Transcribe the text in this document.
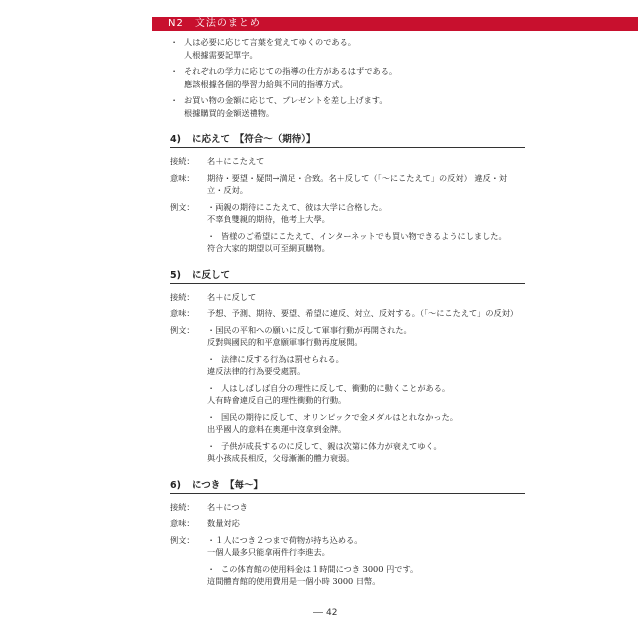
N2　文法のまとめ
・ 人は必要に応じて言葉を覚えてゆくのである。
人根據需要記單字。
・ それぞれの学力に応じての指導の仕方があるはずである。
應該根據各個的學習力給與不同的指導方式。
・ お買い物の金額に応じて、プレゼントを差し上げます。
根據購買的金額送禮物。
4) に応えて　【符合～（期待）】
接続： 名＋にこたえて
意味： 期待・要望・疑問→満足・合致。名＋反して（「～にこたえて」の反対） 違反・対
立・反対。
例文： ・両親の期待にこたえて、彼は大学に合格した。
不辜負雙親的期待，他考上大學。
・ 皆様のご希望にこたえて、インターネットでも買い物できるようにしました。
符合大家的期望以可至網頁購物。
5) に反して
接続： 名＋に反して
意味： 予想、予測、期待、要望、希望に違反、対立、反対する。（「～にこたえて」の反対）
例文： ・国民の平和への願いに反して軍事行動が再開された。
反對與國民的和平意願軍事行動再度展開。
・ 法律に反する行為は罰せられる。
違反法律的行為要受處罰。
・ 人はしばしば自分の理性に反して、衝動的に動くことがある。
人有時會違反自己的理性衝動的行動。
・ 国民の期待に反して、オリンピックで金メダルはとれなかった。
出乎國人的意料在奧運中沒拿到金牌。
・ 子供が成長するのに反して、親は次第に体力が衰えてゆく。
與小孩成長相反，父母漸漸的體力衰弱。
6) につき　【每～】
接続： 名＋につき
意味： 数量対応
例文： ・１人につき２つまで荷物が持ち込める。
一個人最多只能拿兩件行李進去。
・ この体育館の使用料金は１時間につき 3000 円です。
這間體育館的使用費用是一個小時 3000 日幣。
42
